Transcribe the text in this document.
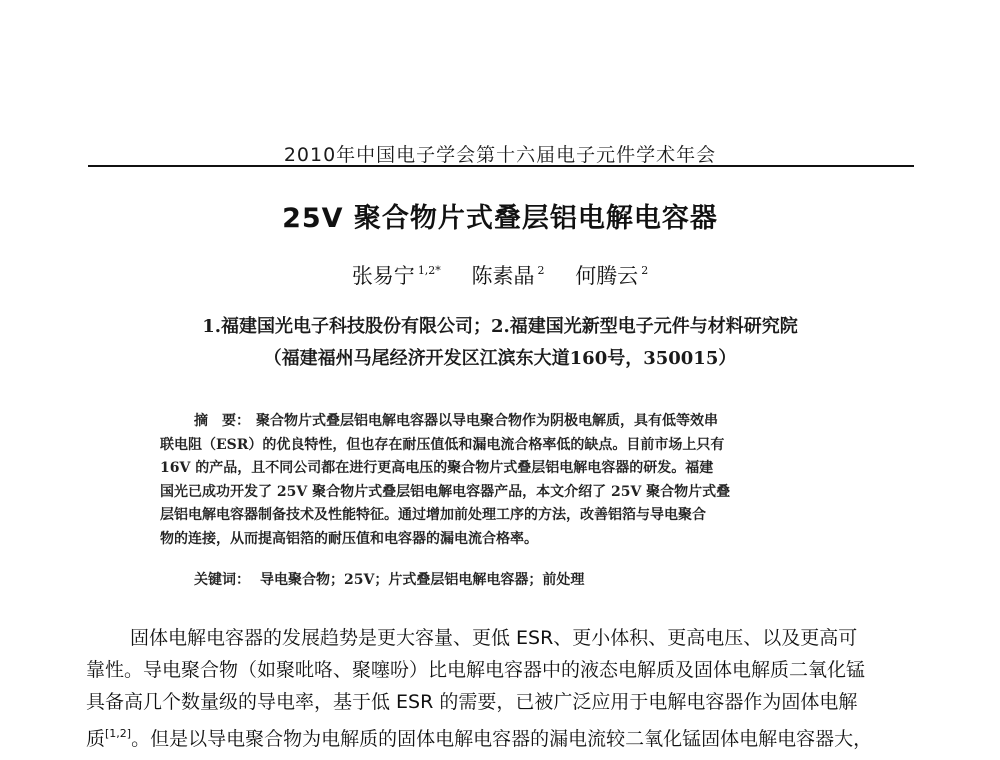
2010年中国电子学会第十六届电子元件学术年会
25V 聚合物片式叠层铝电解电容器
张易宁 $^{1,2*}$ 陈素晶 $^2$ 何腾云 $^2$
1.福建国光电子科技股份有限公司；2.福建国光新型电子元件与材料研究院
（福建福州马尾经济开发区江滨东大道160号，350015）
摘　要： 聚合物片式叠层铝电解电容器以导电聚合物作为阴极电解质，具有低等效串
联电阻（ESR）的优良特性，但也存在耐压值低和漏电流合格率低的缺点。目前市场上只有
16V 的产品，且不同公司都在进行更高电压的聚合物片式叠层铝电解电容器的研发。福建
国光已成功开发了 25V 聚合物片式叠层铝电解电容器产品，本文介绍了 25V 聚合物片式叠
层铝电解电容器制备技术及性能特征。通过增加前处理工序的方法，改善铝箔与导电聚合
物的连接，从而提高铝箔的耐压值和电容器的漏电流合格率。
关键词： 导电聚合物；25V；片式叠层铝电解电容器；前处理
固体电解电容器的发展趋势是更大容量、更低 ESR、更小体积、更高电压、以及更高可
靠性。导电聚合物（如聚吡咯、聚噻吩）比电解电容器中的液态电解质及固体电解质二氧化锰
具备高几个数量级的导电率，基于低 ESR 的需要，已被广泛应用于电解电容器作为固体电解
质[1,2]。但是以导电聚合物为电解质的固体电解电容器的漏电流较二氧化锰固体电解电容器大，
